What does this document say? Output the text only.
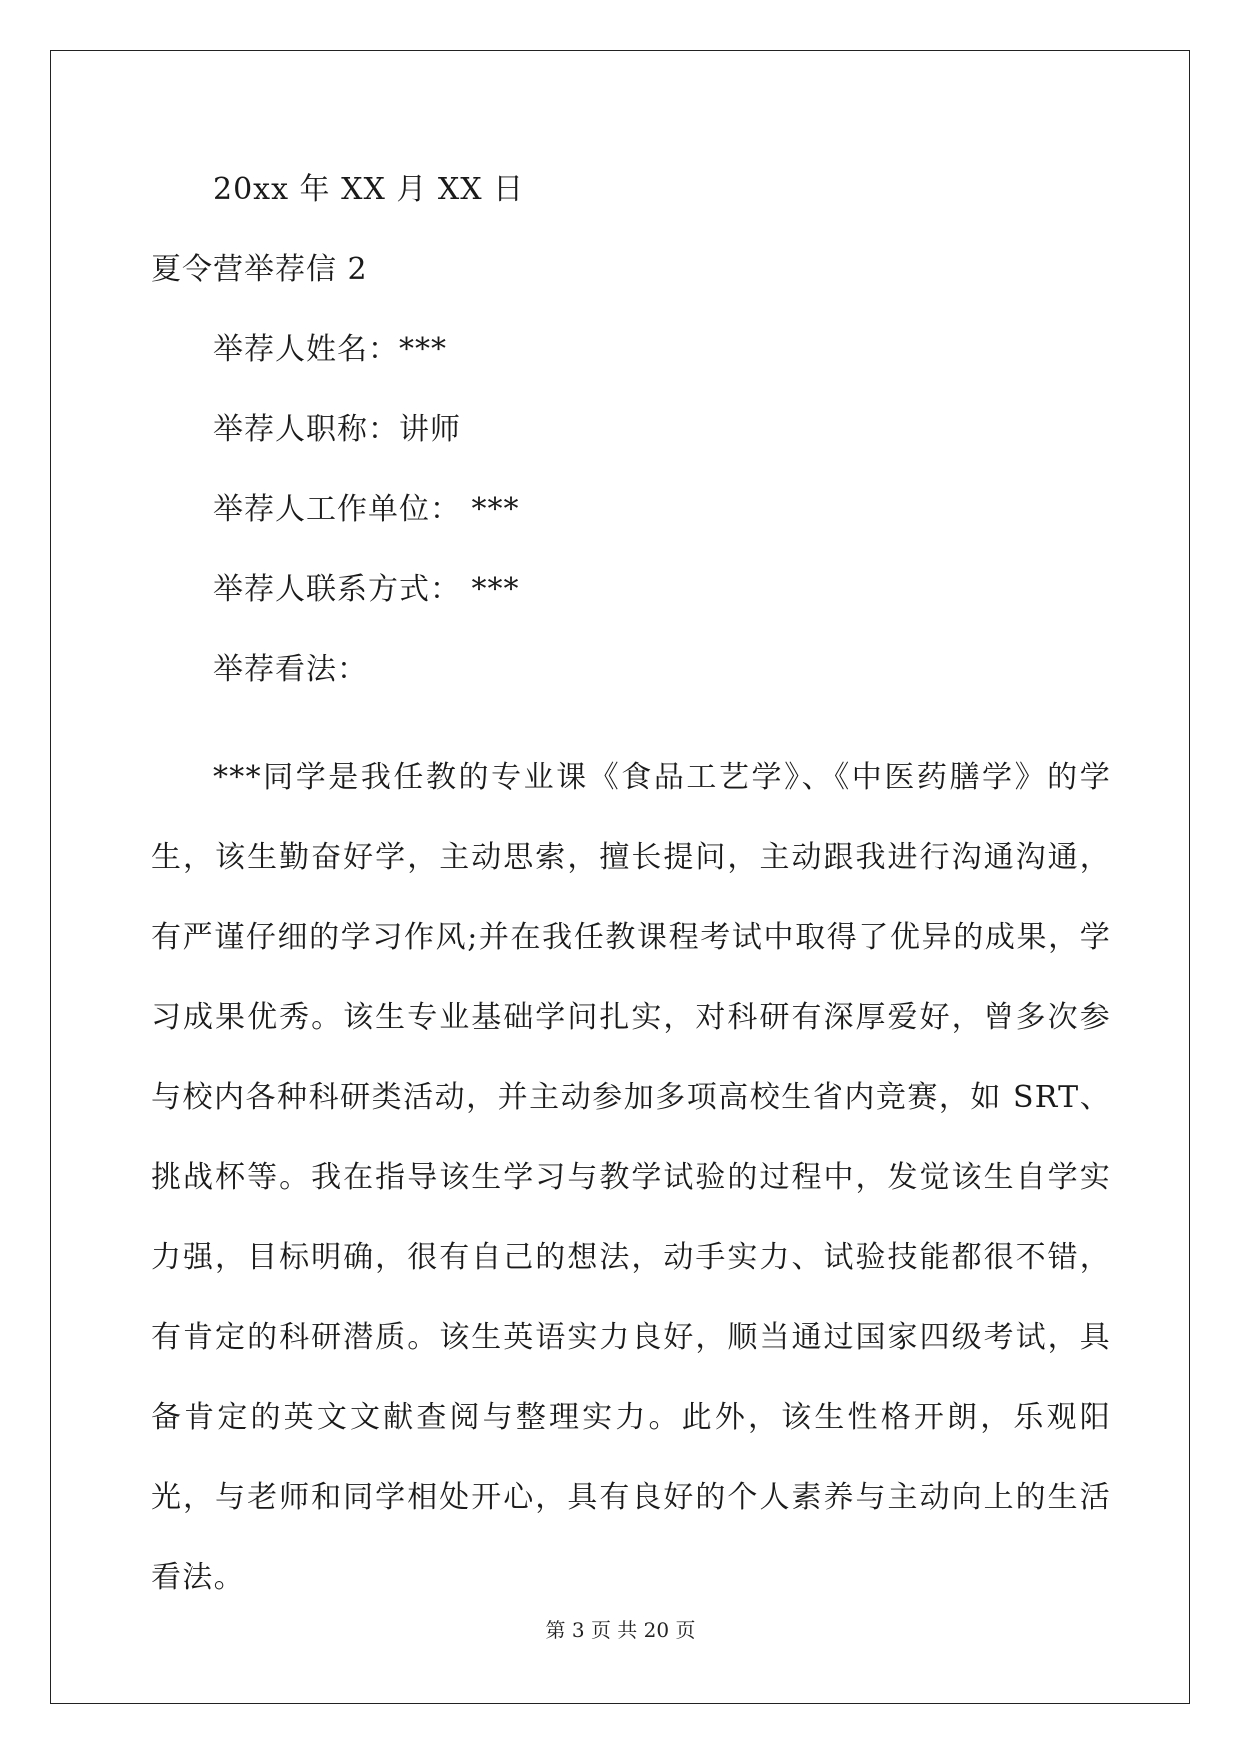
20xx 年 XX 月 XX 日
夏令营举荐信 2
举荐人姓名：***
举荐人职称：讲师
举荐人工作单位： ***
举荐人联系方式： ***
举荐看法：

***同学是我任教的专业课《食品工艺学》、《中医药膳学》的学生，该生勤奋好学，主动思索，擅长提问，主动跟我进行沟通沟通，有严谨仔细的学习作风;并在我任教课程考试中取得了优异的成果，学习成果优秀。该生专业基础学问扎实，对科研有深厚爱好，曾多次参与校内各种科研类活动，并主动参加多项高校生省内竞赛，如 SRT、挑战杯等。我在指导该生学习与教学试验的过程中，发觉该生自学实力强，目标明确，很有自己的想法，动手实力、试验技能都很不错，有肯定的科研潜质。该生英语实力良好，顺当通过国家四级考试，具备肯定的英文文献查阅与整理实力。此外，该生性格开朗，乐观阳光，与老师和同学相处开心，具有良好的个人素养与主动向上的生活看法。

第 3 页 共 20 页
